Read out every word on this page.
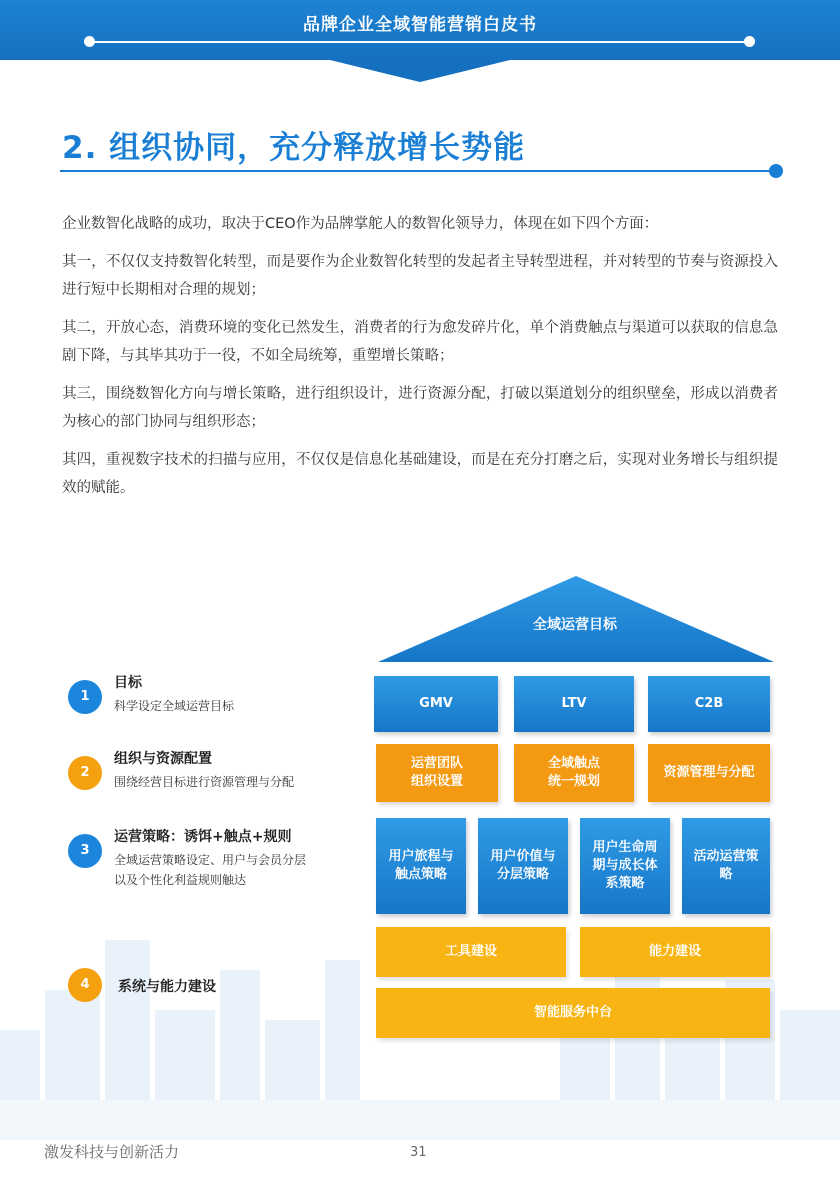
品牌企业全域智能营销白皮书
2. 组织协同，充分释放增长势能

企业数智化战略的成功，取决于CEO作为品牌掌舵人的数智化领导力，体现在如下四个方面：

其一，不仅仅支持数智化转型，而是要作为企业数智化转型的发起者主导转型进程，并对转型的节奏与资源投入进行短中长期相对合理的规划；

其二，开放心态，消费环境的变化已然发生，消费者的行为愈发碎片化，单个消费触点与渠道可以获取的信息急剧下降，与其毕其功于一役，不如全局统筹，重塑增长策略；

其三，围绕数智化方向与增长策略，进行组织设计，进行资源分配，打破以渠道划分的组织壁垒，形成以消费者为核心的部门协同与组织形态；

其四，重视数字技术的扫描与应用，不仅仅是信息化基础建设，而是在充分打磨之后，实现对业务增长与组织提效的赋能。

1
目标
科学设定全域运营目标
2
组织与资源配置
围绕经营目标进行资源管理与分配
3
运营策略：诱饵+触点+规则
全域运营策略设定、用户与会员分层
以及个性化利益规则触达
4	系统与能力建设
全域运营目标
GMV	LTV	C2B
运营团队
组织设置
全域触点
统一规划
资源管理与分配
用户旅程与
触点策略
用户价值与
分层策略
用户生命周
期与成长体
系策略
活动运营策
略
工具建设	能力建设
智能服务中台
激发科技与创新活力	31
